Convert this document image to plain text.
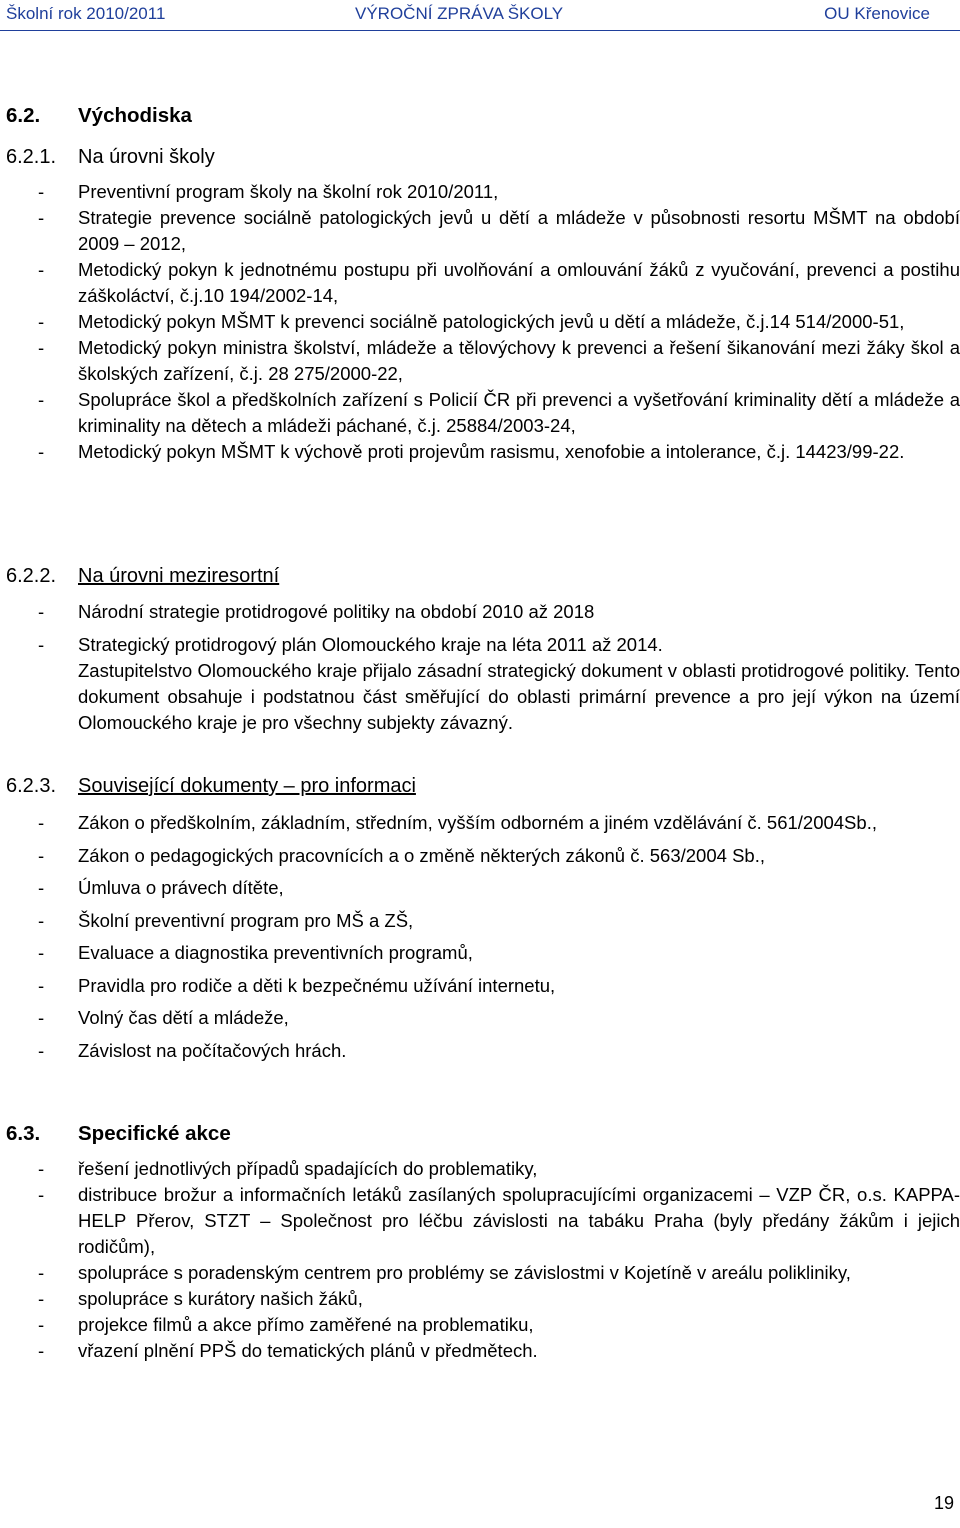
Školní rok 2010/2011	VÝROČNÍ ZPRÁVA ŠKOLY	OU Křenovice
6.2. Východiska
6.2.1. Na úrovni školy
- Preventivní program školy na školní rok 2010/2011,
- Strategie prevence sociálně patologických jevů u dětí a mládeže v působnosti resortu MŠMT na období 2009 – 2012,
- Metodický pokyn k jednotnému postupu při uvolňování a omlouvání žáků z vyučování, prevenci a postihu záškoláctví, č.j.10 194/2002-14,
- Metodický pokyn MŠMT k prevenci sociálně patologických jevů u dětí a mládeže, č.j.14 514/2000-51,
- Metodický pokyn ministra školství, mládeže a tělovýchovy k prevenci a řešení šikanování mezi žáky škol a školských zařízení, č.j. 28 275/2000-22,
- Spolupráce škol a předškolních zařízení s Policií ČR při prevenci a vyšetřování kriminality dětí a mládeže a kriminality na dětech a mládeži páchané, č.j. 25884/2003-24,
- Metodický pokyn MŠMT k výchově proti projevům rasismu, xenofobie a intolerance, č.j. 14423/99-22.
6.2.2. Na úrovni meziresortní
- Národní strategie protidrogové politiky na období 2010 až 2018
- Strategický protidrogový plán Olomouckého kraje na léta 2011 až 2014.

Zastupitelstvo Olomouckého kraje přijalo zásadní strategický dokument v oblasti protidrogové politiky. Tento dokument obsahuje i podstatnou část směřující do oblasti primární prevence a pro její výkon na území Olomouckého kraje je pro všechny subjekty závazný.

6.2.3. Související dokumenty – pro informaci
- Zákon o předškolním, základním, středním, vyšším odborném a jiném vzdělávání č. 561/2004Sb.,
- Zákon o pedagogických pracovnících a o změně některých zákonů č. 563/2004 Sb.,
- Úmluva o právech dítěte,
- Školní preventivní program pro MŠ a ZŠ,
- Evaluace a diagnostika preventivních programů,
- Pravidla pro rodiče a děti k bezpečnému užívání internetu,
- Volný čas dětí a mládeže,
- Závislost na počítačových hrách.
6.3. Specifické akce
- řešení jednotlivých případů spadajících do problematiky,
- distribuce brožur a informačních letáků zasílaných spolupracujícími organizacemi – VZP ČR, o.s. KAPPA-HELP Přerov, STZT – Společnost pro léčbu závislosti na tabáku Praha (byly předány žákům i jejich rodičům),
- spolupráce s poradenským centrem pro problémy se závislostmi v Kojetíně v areálu polikliniky,
- spolupráce s kurátory našich žáků,
- projekce filmů a akce přímo zaměřené na problematiku,
- vřazení plnění PPŠ do tematických plánů v předmětech.
19
